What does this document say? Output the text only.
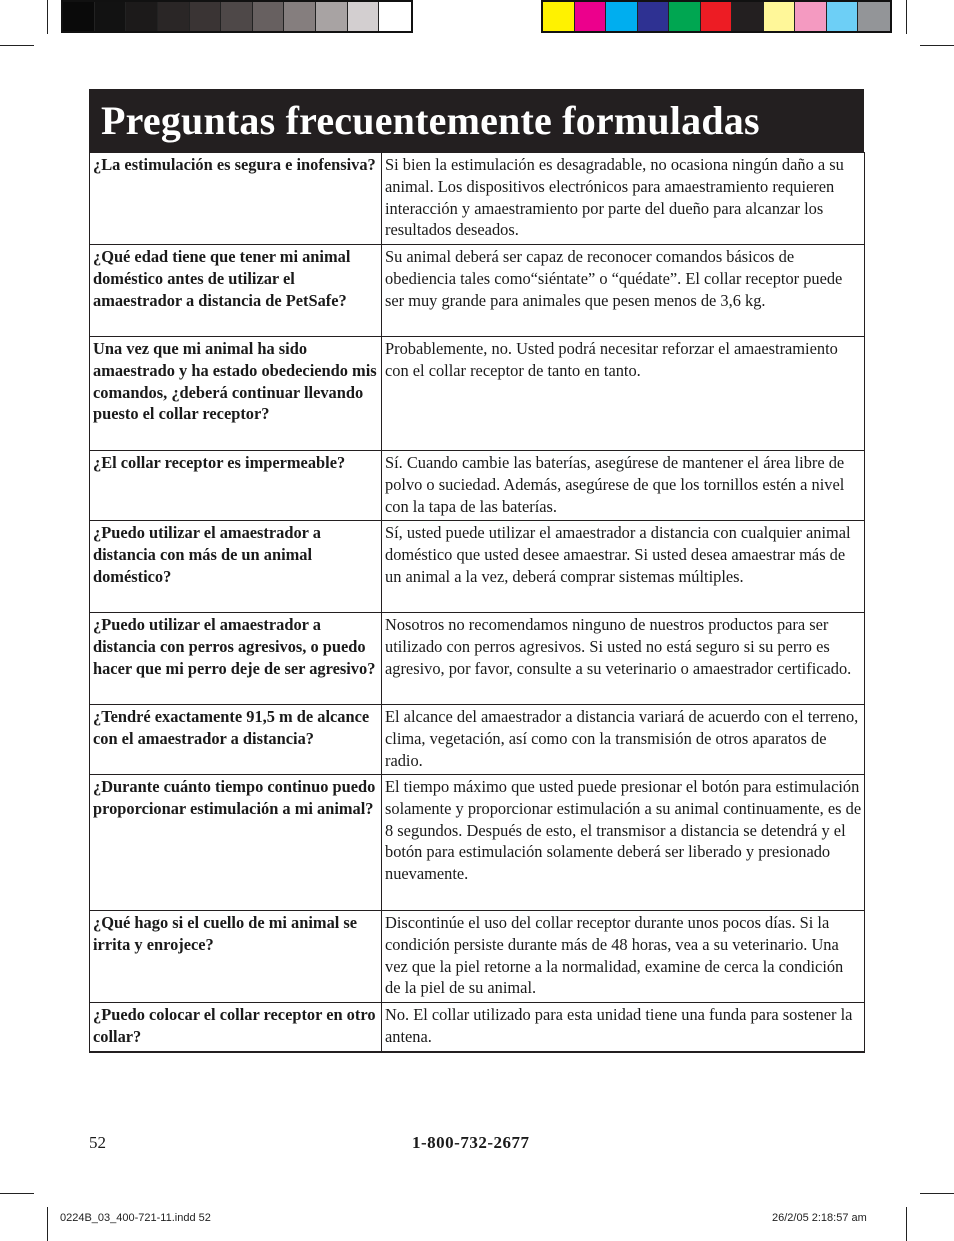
Preguntas frecuentemente formuladas
¿La estimulación es segura e inofensiva?	Si bien la estimulación es desagradable, no ocasiona ningún daño a su animal. Los dispositivos electrónicos para amaestramiento requieren interacción y amaestramiento por parte del dueño para alcanzar los resultados deseados.
¿Qué edad tiene que tener mi animal doméstico antes de utilizar el amaestrador a distancia de PetSafe?	Su animal deberá ser capaz de reconocer comandos básicos de obediencia tales como“siéntate” o “quédate”. El collar receptor puede ser muy grande para animales que pesen menos de 3,6 kg.
Una vez que mi animal ha sido amaestrado y ha estado obedeciendo mis comandos, ¿deberá continuar llevando puesto el collar receptor?	Probablemente, no. Usted podrá necesitar reforzar el amaestramiento con el collar receptor de tanto en tanto.
¿El collar receptor es impermeable?	Sí. Cuando cambie las baterías, asegúrese de mantener el área libre de polvo o suciedad. Además, asegúrese de que los tornillos estén a nivel con la tapa de las baterías.
¿Puedo utilizar el amaestrador a distancia con más de un animal doméstico?	Sí, usted puede utilizar el amaestrador a distancia con cualquier animal doméstico que usted desee amaestrar. Si usted desea amaestrar más de un animal a la vez, deberá comprar sistemas múltiples.
¿Puedo utilizar el amaestrador a distancia con perros agresivos, o puedo hacer que mi perro deje de ser agresivo?	Nosotros no recomendamos ninguno de nuestros productos para ser utilizado con perros agresivos. Si usted no está seguro si su perro es agresivo, por favor, consulte a su veterinario o amaestrador certificado.
¿Tendré exactamente 91,5 m de alcance con el amaestrador a distancia?	El alcance del amaestrador a distancia variará de acuerdo con el terreno, clima, vegetación, así como con la transmisión de otros aparatos de radio.
¿Durante cuánto tiempo continuo puedo proporcionar estimulación a mi animal?	El tiempo máximo que usted puede presionar el botón para estimulación solamente y proporcionar estimulación a su animal continuamente, es de 8 segundos. Después de esto, el transmisor a distancia se detendrá y el botón para estimulación solamente deberá ser liberado y presionado nuevamente.
¿Qué hago si el cuello de mi animal se irrita y enrojece?	Discontinúe el uso del collar receptor durante unos pocos días. Si la condición persiste durante más de 48 horas, vea a su veterinario. Una vez que la piel retorne a la normalidad, examine de cerca la condición de la piel de su animal.
¿Puedo colocar el collar receptor en otro collar?	No. El collar utilizado para esta unidad tiene una funda para sostener la antena.
52	1-800-732-2677
0224B_03_400-721-11.indd 52	26/2/05 2:18:57 am
